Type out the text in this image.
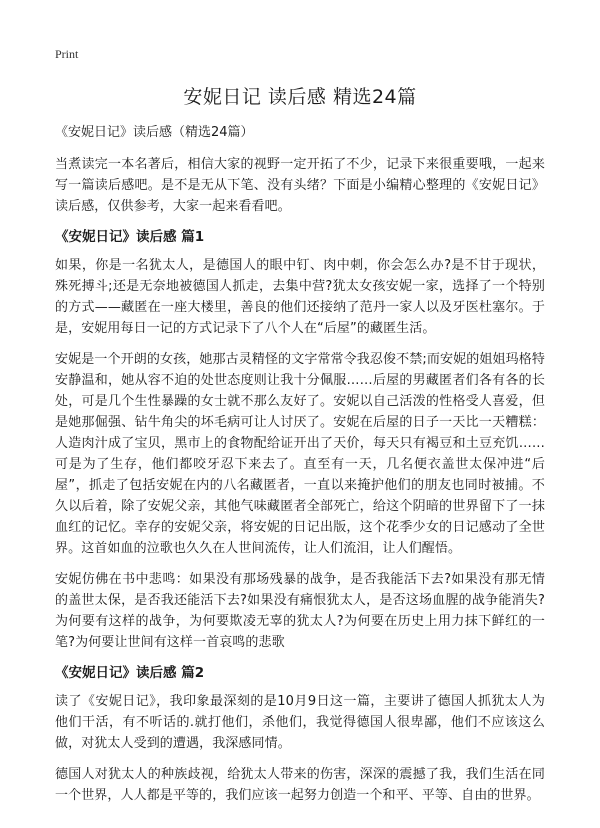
Print
安妮日记 读后感 精选24篇
《安妮日记》读后感（精选24篇）

当煮读完一本名著后，相信大家的视野一定开拓了不少，记录下来很重要哦，一起来写一篇读后感吧。是不是无从下笔、没有头绪？下面是小编精心整理的《安妮日记》读后感，仅供参考，大家一起来看看吧。

《安妮日记》读后感 篇1

如果，你是一名犹太人，是德国人的眼中钉、肉中刺，你会怎么办?是不甘于现状，殊死搏斗;还是无奈地被德国人抓走，去集中营?犹太女孩安妮一家，选择了一个特别的方式——藏匿在一座大楼里，善良的他们还接纳了范丹一家人以及牙医杜塞尔。于是，安妮用每日一记的方式记录下了八个人在“后屋”的藏匿生活。

安妮是一个开朗的女孩，她那古灵精怪的文字常常令我忍俊不禁;而安妮的姐姐玛格特安静温和，她从容不迫的处世态度则让我十分佩服……后屋的男藏匿者们各有各的长处，可是几个生性暴躁的女士就不那么友好了。安妮以自己活泼的性格受人喜爱，但是她那倔强、钻牛角尖的坏毛病可让人讨厌了。安妮在后屋的日子一天比一天糟糕：人造肉汁成了宝贝，黑市上的食物配给证开出了天价，每天只有褐豆和土豆充饥……可是为了生存，他们都咬牙忍下来去了。直至有一天，几名便衣盖世太保冲进“后屋”，抓走了包括安妮在内的八名藏匿者，一直以来掩护他们的朋友也同时被捕。不久以后着，除了安妮父亲，其他气味藏匿者全部死亡，给这个阴暗的世界留下了一抹血红的记忆。幸存的安妮父亲，将安妮的日记出版，这个花季少女的日记感动了全世界。这首如血的泣歌也久久在人世间流传，让人们流泪，让人们醒悟。

安妮仿佛在书中悲鸣：如果没有那场残暴的战争，是否我能活下去?如果没有那无情的盖世太保，是否我还能活下去?如果没有痛恨犹太人，是否这场血腥的战争能消失?为何要有这样的战争，为何要欺凌无辜的犹太人?为何要在历史上用力抹下鲜红的一笔?为何要让世间有这样一首哀鸣的悲歌

《安妮日记》读后感 篇2

读了《安妮日记》，我印象最深刻的是10月9日这一篇，主要讲了德国人抓犹太人为他们干活，有不听话的.就打他们，杀他们，我觉得德国人很卑鄙，他们不应该这么做，对犹太人受到的遭遇，我深感同情。

德国人对犹太人的种族歧视，给犹太人带来的伤害，深深的震撼了我，我们生活在同一个世界，人人都是平等的，我们应该一起努力创造一个和平、平等、自由的世界。
